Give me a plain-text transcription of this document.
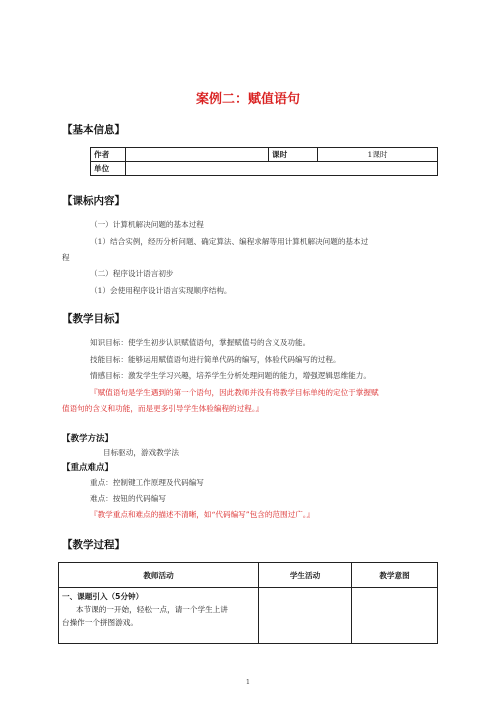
案例二：赋值语句
【基本信息】
作者		课时	1课时
单位			
【课标内容】
（一）计算机解决问题的基本过程
（1）结合实例，经历分析问题、确定算法、编程求解等用计算机解决问题的基本过
程
（二）程序设计语言初步
（1）会使用程序设计语言实现顺序结构。
【教学目标】
知识目标：使学生初步认识赋值语句，掌握赋值号的含义及功能。
技能目标：能够运用赋值语句进行简单代码的编写，体验代码编写的过程。
情感目标：激发学生学习兴趣，培养学生分析处理问题的能力，增强逻辑思维能力。
『赋值语句是学生遇到的第一个语句，因此教师并没有将教学目标单纯的定位于掌握赋
值语句的含义和功能，而是更多引导学生体验编程的过程。』
【教学方法】
目标驱动，游戏教学法
【重点难点】
重点：控制键工作原理及代码编写
难点：按钮的代码编写
『教学重点和难点的描述不清晰，如“代码编写”包含的范围过广。』
【教学过程】
教师活动	学生活动	教学意图

一、课题引入（5分钟）
本节课的一开始，轻松一点，请一个学生上讲
台操作一个拼图游戏。		

1
